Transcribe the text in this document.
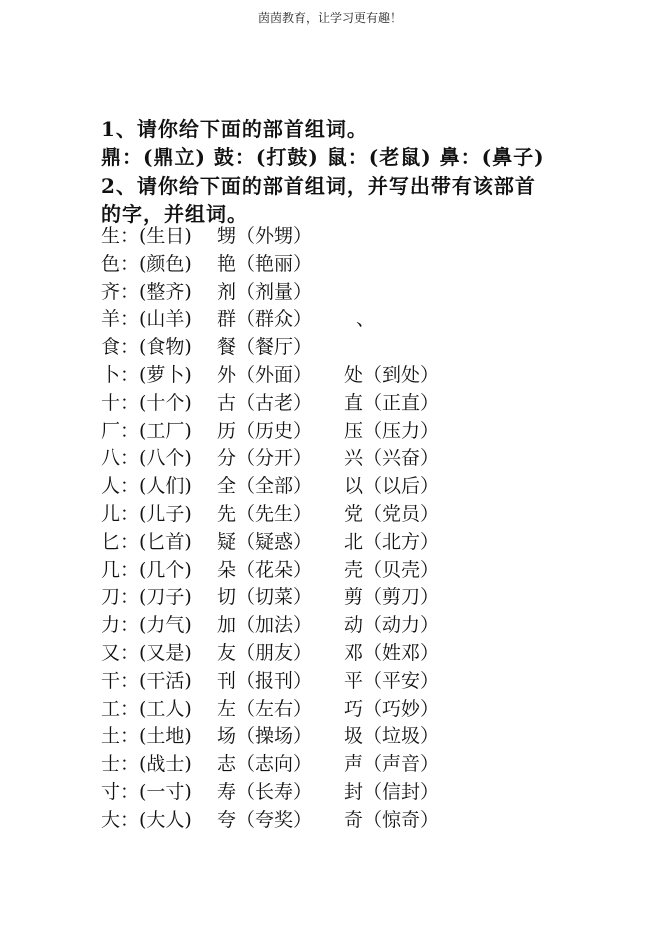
茵茵教育，让学习更有趣！
1、请你给下面的部首组词。
鼎：(鼎立) 鼓：(打鼓) 鼠：(老鼠) 鼻：(鼻子)
2、请你给下面的部首组词，并写出带有该部首
的字，并组词。
生：(生日) 甥（外甥）
色：(颜色) 艳（艳丽）
齐：(整齐) 剂（剂量）
羊：(山羊) 群（群众） 、
食：(食物) 餐（餐厅）
卜：(萝卜) 外（外面） 处（到处）
十：(十个) 古（古老） 直（正直）
厂：(工厂) 历（历史） 压（压力）
八：(八个) 分（分开） 兴（兴奋）
人：(人们) 全（全部） 以（以后）
儿：(儿子) 先（先生） 党（党员）
匕：(匕首) 疑（疑惑） 北（北方）
几：(几个) 朵（花朵） 壳（贝壳）
刀：(刀子) 切（切菜） 剪（剪刀）
力：(力气) 加（加法） 动（动力）
又：(又是) 友（朋友） 邓（姓邓）
干：(干活) 刊（报刊） 平（平安）
工：(工人) 左（左右） 巧（巧妙）
土：(土地) 场（操场） 圾（垃圾）
士：(战士) 志（志向） 声（声音）
寸：(一寸) 寿（长寿） 封（信封）
大：(大人) 夸（夸奖） 奇（惊奇）
